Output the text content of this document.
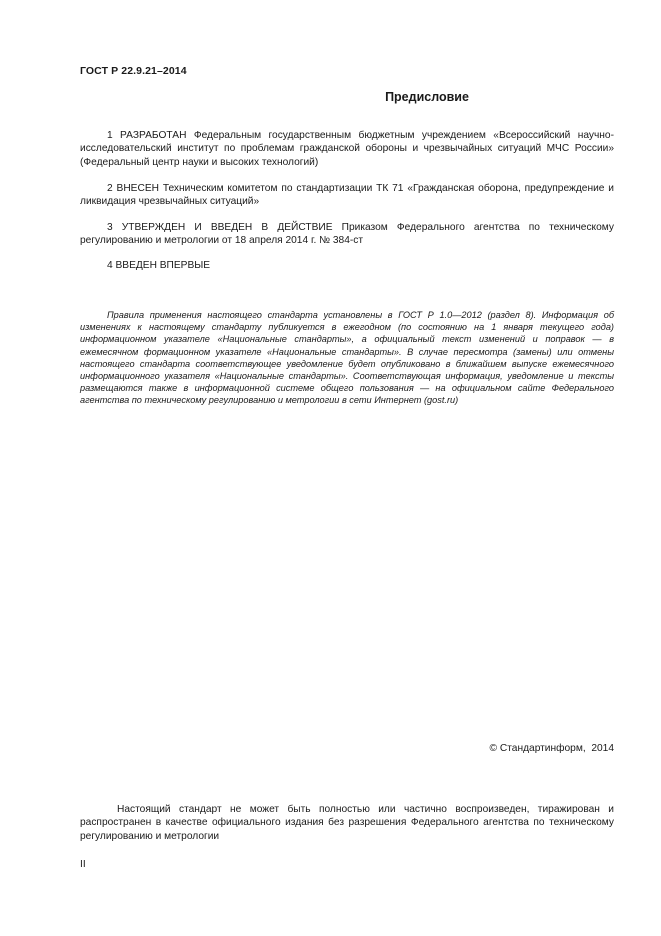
ГОСТ Р 22.9.21–2014
Предисловие

1 РАЗРАБОТАН Федеральным государственным бюджетным учреждением «Всероссийский научно-исследовательский институт по проблемам гражданской обороны и чрезвычайных ситуаций МЧС России» (Федеральный центр науки и высоких технологий)

2 ВНЕСЕН Техническим комитетом по стандартизации ТК 71 «Гражданская оборона, предупреждение и ликвидация чрезвычайных ситуаций»

3 УТВЕРЖДЕН И ВВЕДЕН В ДЕЙСТВИЕ Приказом Федерального агентства по техническому регулированию и метрологии от 18 апреля 2014 г. № 384-ст

4 ВВЕДЕН ВПЕРВЫЕ

Правила применения настоящего стандарта установлены в ГОСТ Р 1.0—2012 (раздел 8). Информация об изменениях к настоящему стандарту публикуется в ежегодном (по состоянию на 1 января текущего года) информационном указателе «Национальные стандарты», а официальный текст изменений и поправок — в ежемесячном формационном указателе «Национальные стандарты». В случае пересмотра (замены) или отмены настоящего стандарта соответствующее уведомление будет опубликовано в ближайшем выпуске ежемесячного информационного указателя «Национальные стандарты». Соответствующая информация, уведомление и тексты размещаются также в информационной системе общего пользования — на официальном сайте Федерального агентства по техническому регулированию и метрологии в сети Интернет (gost.ru)

© Стандартинформ,  2014

Настоящий стандарт не может быть полностью или частично воспроизведен, тиражирован и распространен в качестве официального издания без разрешения Федерального агентства по техническому регулированию и метрологии

II
